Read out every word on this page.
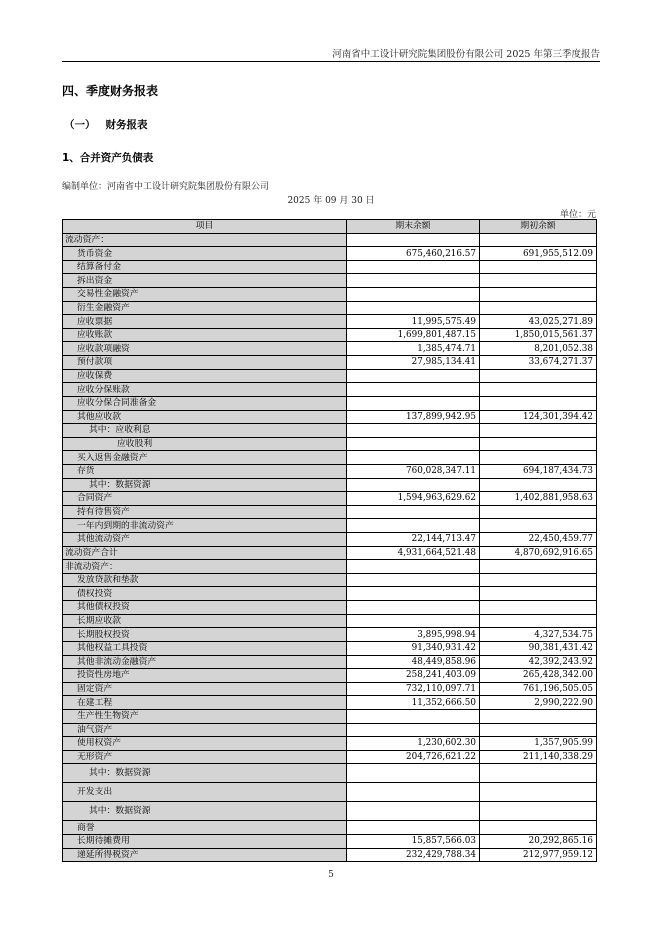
河南省中工设计研究院集团股份有限公司 2025 年第三季度报告
四、季度财务报表
（一） 财务报表
1、合并资产负债表
编制单位：河南省中工设计研究院集团股份有限公司
2025 年 09 月 30 日
单位：元
项目	期末余额	期初余额
流动资产：		
货币资金	675,460,216.57	691,955,512.09
结算备付金		
拆出资金		
交易性金融资产		
衍生金融资产		
应收票据	11,995,575.49	43,025,271.89
应收账款	1,699,801,487.15	1,850,015,561.37
应收款项融资	1,385,474.71	8,201,052.38
预付款项	27,985,134.41	33,674,271.37
应收保费		
应收分保账款		
应收分保合同准备金		
其他应收款	137,899,942.95	124,301,394.42
其中：应收利息		
应收股利		
买入返售金融资产		
存货	760,028,347.11	694,187,434.73
其中：数据资源		
合同资产	1,594,963,629.62	1,402,881,958.63
持有待售资产		
一年内到期的非流动资产		
其他流动资产	22,144,713.47	22,450,459.77
流动资产合计	4,931,664,521.48	4,870,692,916.65
非流动资产：		
发放贷款和垫款		
债权投资		
其他债权投资		
长期应收款		
长期股权投资	3,895,998.94	4,327,534.75
其他权益工具投资	91,340,931.42	90,381,431.42
其他非流动金融资产	48,449,858.96	42,392,243.92
投资性房地产	258,241,403.09	265,428,342.00
固定资产	732,110,097.71	761,196,505.05
在建工程	11,352,666.50	2,990,222.90
生产性生物资产		
油气资产		
使用权资产	1,230,602.30	1,357,905.99
无形资产	204,726,621.22	211,140,338.29
其中：数据资源		
开发支出		
其中：数据资源		
商誉		
长期待摊费用	15,857,566.03	20,292,865.16
递延所得税资产	232,429,788.34	212,977,959.12
5
